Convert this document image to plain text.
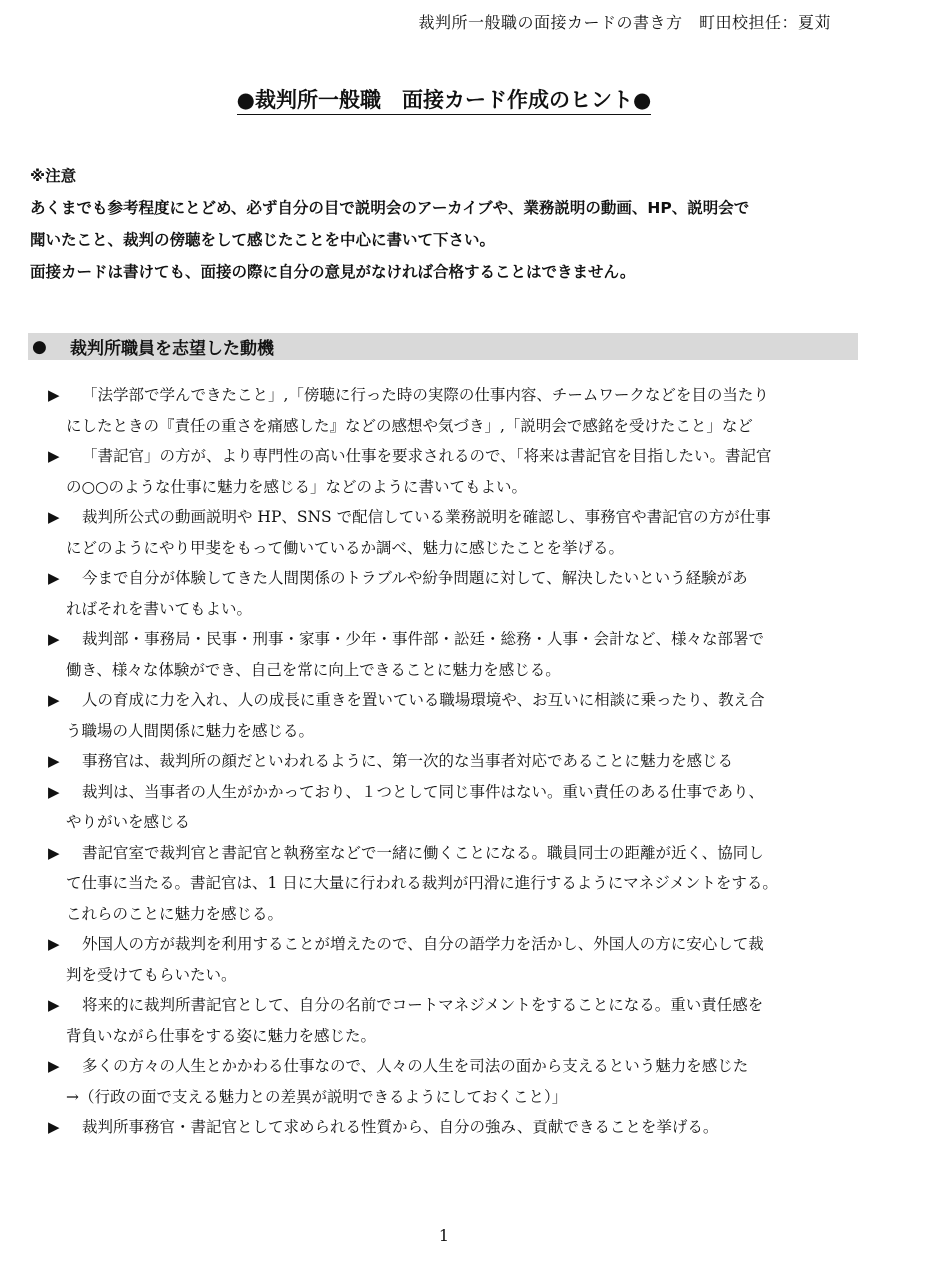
裁判所一般職の面接カードの書き方　町田校担任：夏苅
●裁判所一般職　面接カード作成のヒント●
※注意
あくまでも参考程度にとどめ、必ず自分の目で説明会のアーカイブや、業務説明の動画、HP、説明会で
聞いたこと、裁判の傍聴をして感じたことを中心に書いて下さい。
面接カードは書けても、面接の際に自分の意見がなければ合格することはできません。
●	裁判所職員を志望した動機
▶	「法学部で学んできたこと」,「傍聴に行った時の実際の仕事内容、チームワークなどを目の当たり
にしたときの『責任の重さを痛感した』などの感想や気づき」,「説明会で感銘を受けたこと」など
▶	「書記官」の方が、より専門性の高い仕事を要求されるので、「将来は書記官を目指したい。書記官
の○○のような仕事に魅力を感じる」などのように書いてもよい。
▶	裁判所公式の動画説明や HP、SNS で配信している業務説明を確認し、事務官や書記官の方が仕事
にどのようにやり甲斐をもって働いているか調べ、魅力に感じたことを挙げる。
▶	今まで自分が体験してきた人間関係のトラブルや紛争問題に対して、解決したいという経験があ
ればそれを書いてもよい。
▶	裁判部・事務局・民事・刑事・家事・少年・事件部・訟廷・総務・人事・会計など、様々な部署で
働き、様々な体験ができ、自己を常に向上できることに魅力を感じる。
▶	人の育成に力を入れ、人の成長に重きを置いている職場環境や、お互いに相談に乗ったり、教え合
う職場の人間関係に魅力を感じる。
▶	事務官は、裁判所の顔だといわれるように、第一次的な当事者対応であることに魅力を感じる
▶	裁判は、当事者の人生がかかっており、１つとして同じ事件はない。重い責任のある仕事であり、
やりがいを感じる
▶	書記官室で裁判官と書記官と執務室などで一緒に働くことになる。職員同士の距離が近く、協同し
て仕事に当たる。書記官は、1 日に大量に行われる裁判が円滑に進行するようにマネジメントをする。
これらのことに魅力を感じる。
▶	外国人の方が裁判を利用することが増えたので、自分の語学力を活かし、外国人の方に安心して裁
判を受けてもらいたい。
▶	将来的に裁判所書記官として、自分の名前でコートマネジメントをすることになる。重い責任感を
背負いながら仕事をする姿に魅力を感じた。
▶	多くの方々の人生とかかわる仕事なので、人々の人生を司法の面から支えるという魅力を感じた
→（行政の面で支える魅力との差異が説明できるようにしておくこと）」
▶	裁判所事務官・書記官として求められる性質から、自分の強み、貢献できることを挙げる。
1
